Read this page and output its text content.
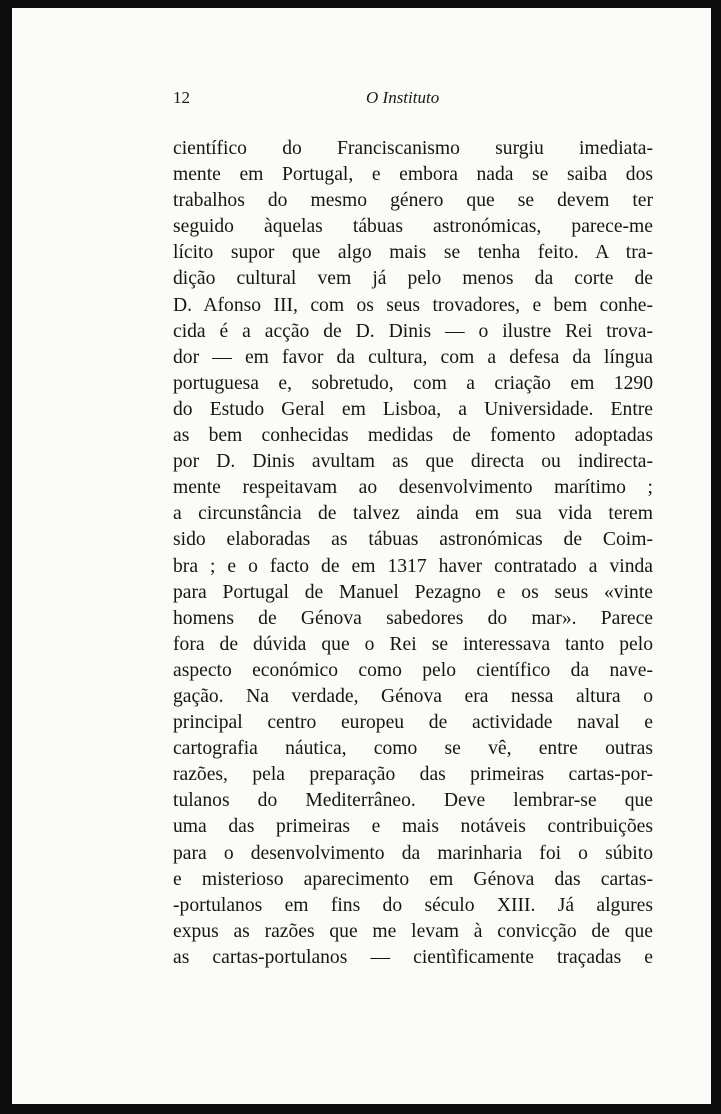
12	O Instituto
científico do Franciscanismo surgiu imediata-
mente em Portugal, e embora nada se saiba dos
trabalhos do mesmo género que se devem ter
seguido àquelas tábuas astronómicas, parece-me
lícito supor que algo mais se tenha feito. A tra-
dição cultural vem já pelo menos da corte de
D. Afonso III, com os seus trovadores, e bem conhe-
cida é a acção de D. Dinis — o ilustre Rei trova-
dor — em favor da cultura, com a defesa da língua
portuguesa e, sobretudo, com a criação em 1290
do Estudo Geral em Lisboa, a Universidade. Entre
as bem conhecidas medidas de fomento adoptadas
por D. Dinis avultam as que directa ou indirecta-
mente respeitavam ao desenvolvimento marítimo ;
a circunstância de talvez ainda em sua vida terem
sido elaboradas as tábuas astronómicas de Coim-
bra ; e o facto de em 1317 haver contratado a vinda
para Portugal de Manuel Pezagno e os seus «vinte
homens de Génova sabedores do mar». Parece
fora de dúvida que o Rei se interessava tanto pelo
aspecto económico como pelo científico da nave-
gação. Na verdade, Génova era nessa altura o
principal centro europeu de actividade naval e
cartografia náutica, como se vê, entre outras
razões, pela preparação das primeiras cartas-por-
tulanos do Mediterrâneo. Deve lembrar-se que
uma das primeiras e mais notáveis contribuições
para o desenvolvimento da marinharia foi o súbito
e misterioso aparecimento em Génova das cartas-
-portulanos em fins do século XIII. Já algures
expus as razões que me levam à convicção de que
as cartas-portulanos — cientìficamente traçadas e
